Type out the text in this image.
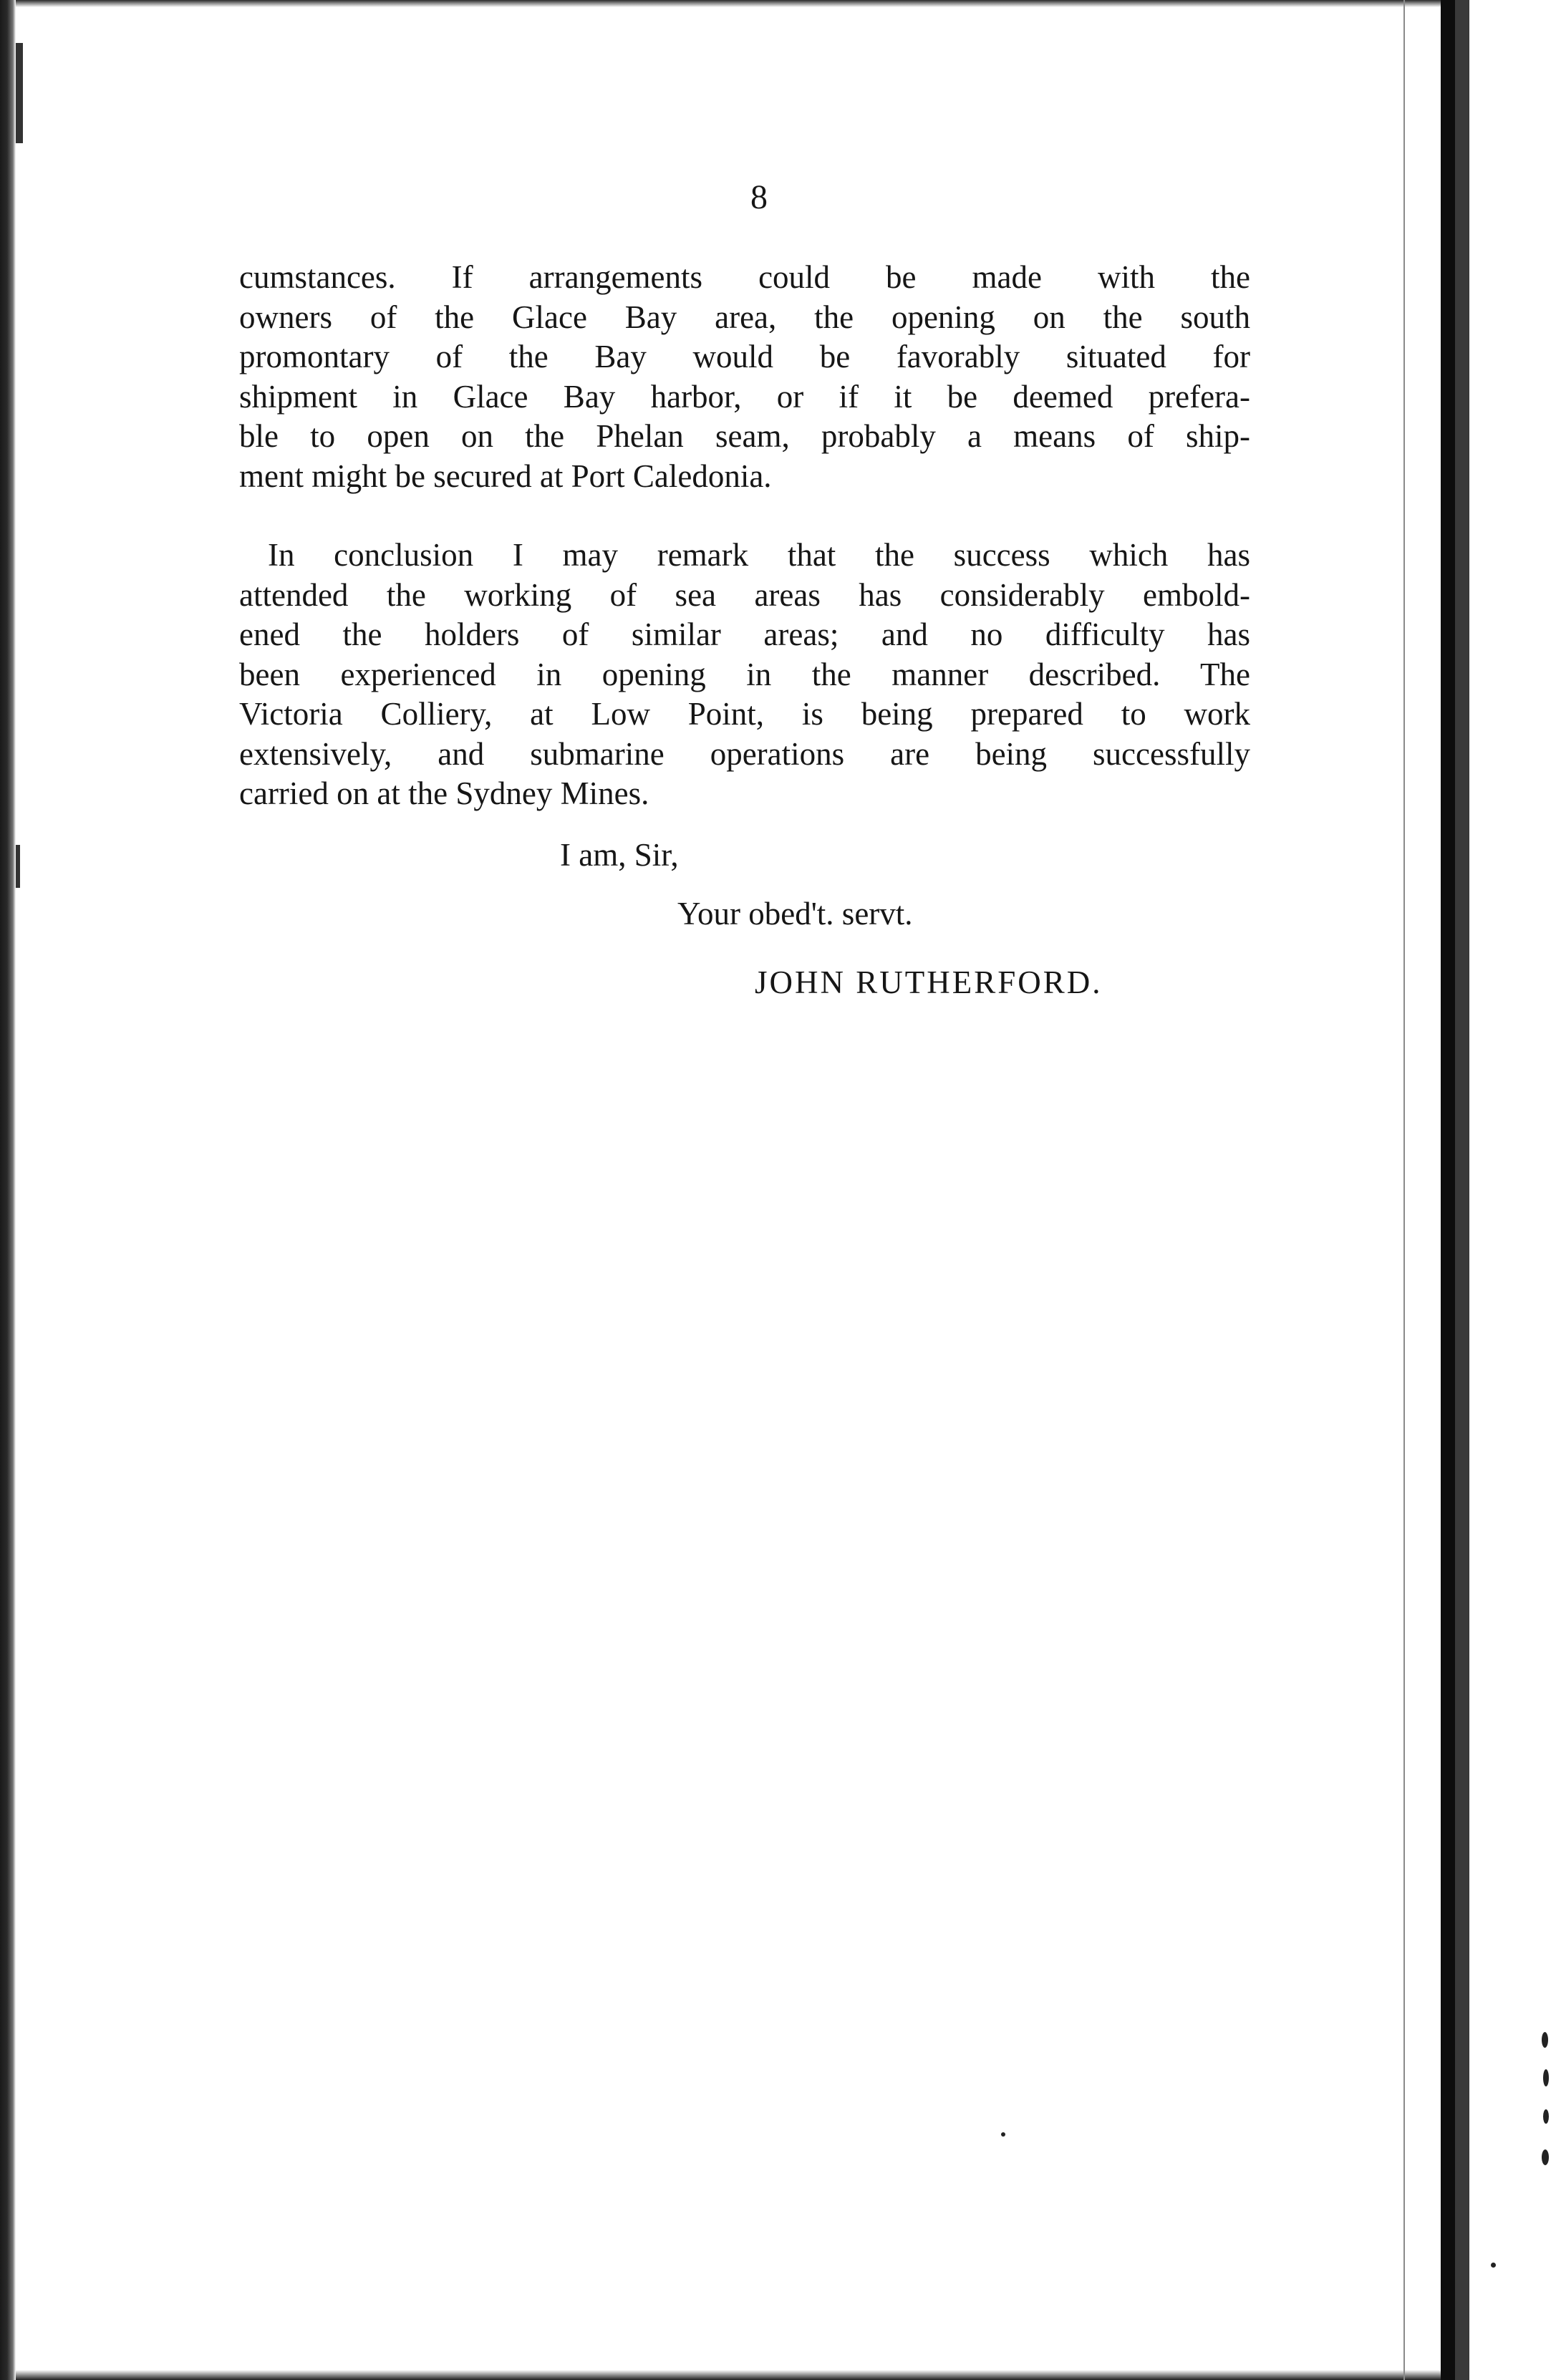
8
cumstances. If arrangements could be made with the
owners of the Glace Bay area, the opening on the south
promontary of the Bay would be favorably situated for
shipment in Glace Bay harbor, or if it be deemed prefera-
ble to open on the Phelan seam, probably a means of ship-
ment might be secured at Port Caledonia.
In conclusion I may remark that the success which has
attended the working of sea areas has considerably embold-
ened the holders of similar areas; and no difficulty has
been experienced in opening in the manner described. The
Victoria Colliery, at Low Point, is being prepared to work
extensively, and submarine operations are being successfully
carried on at the Sydney Mines.
I am, Sir,
Your obed't. servt.
JOHN RUTHERFORD.
